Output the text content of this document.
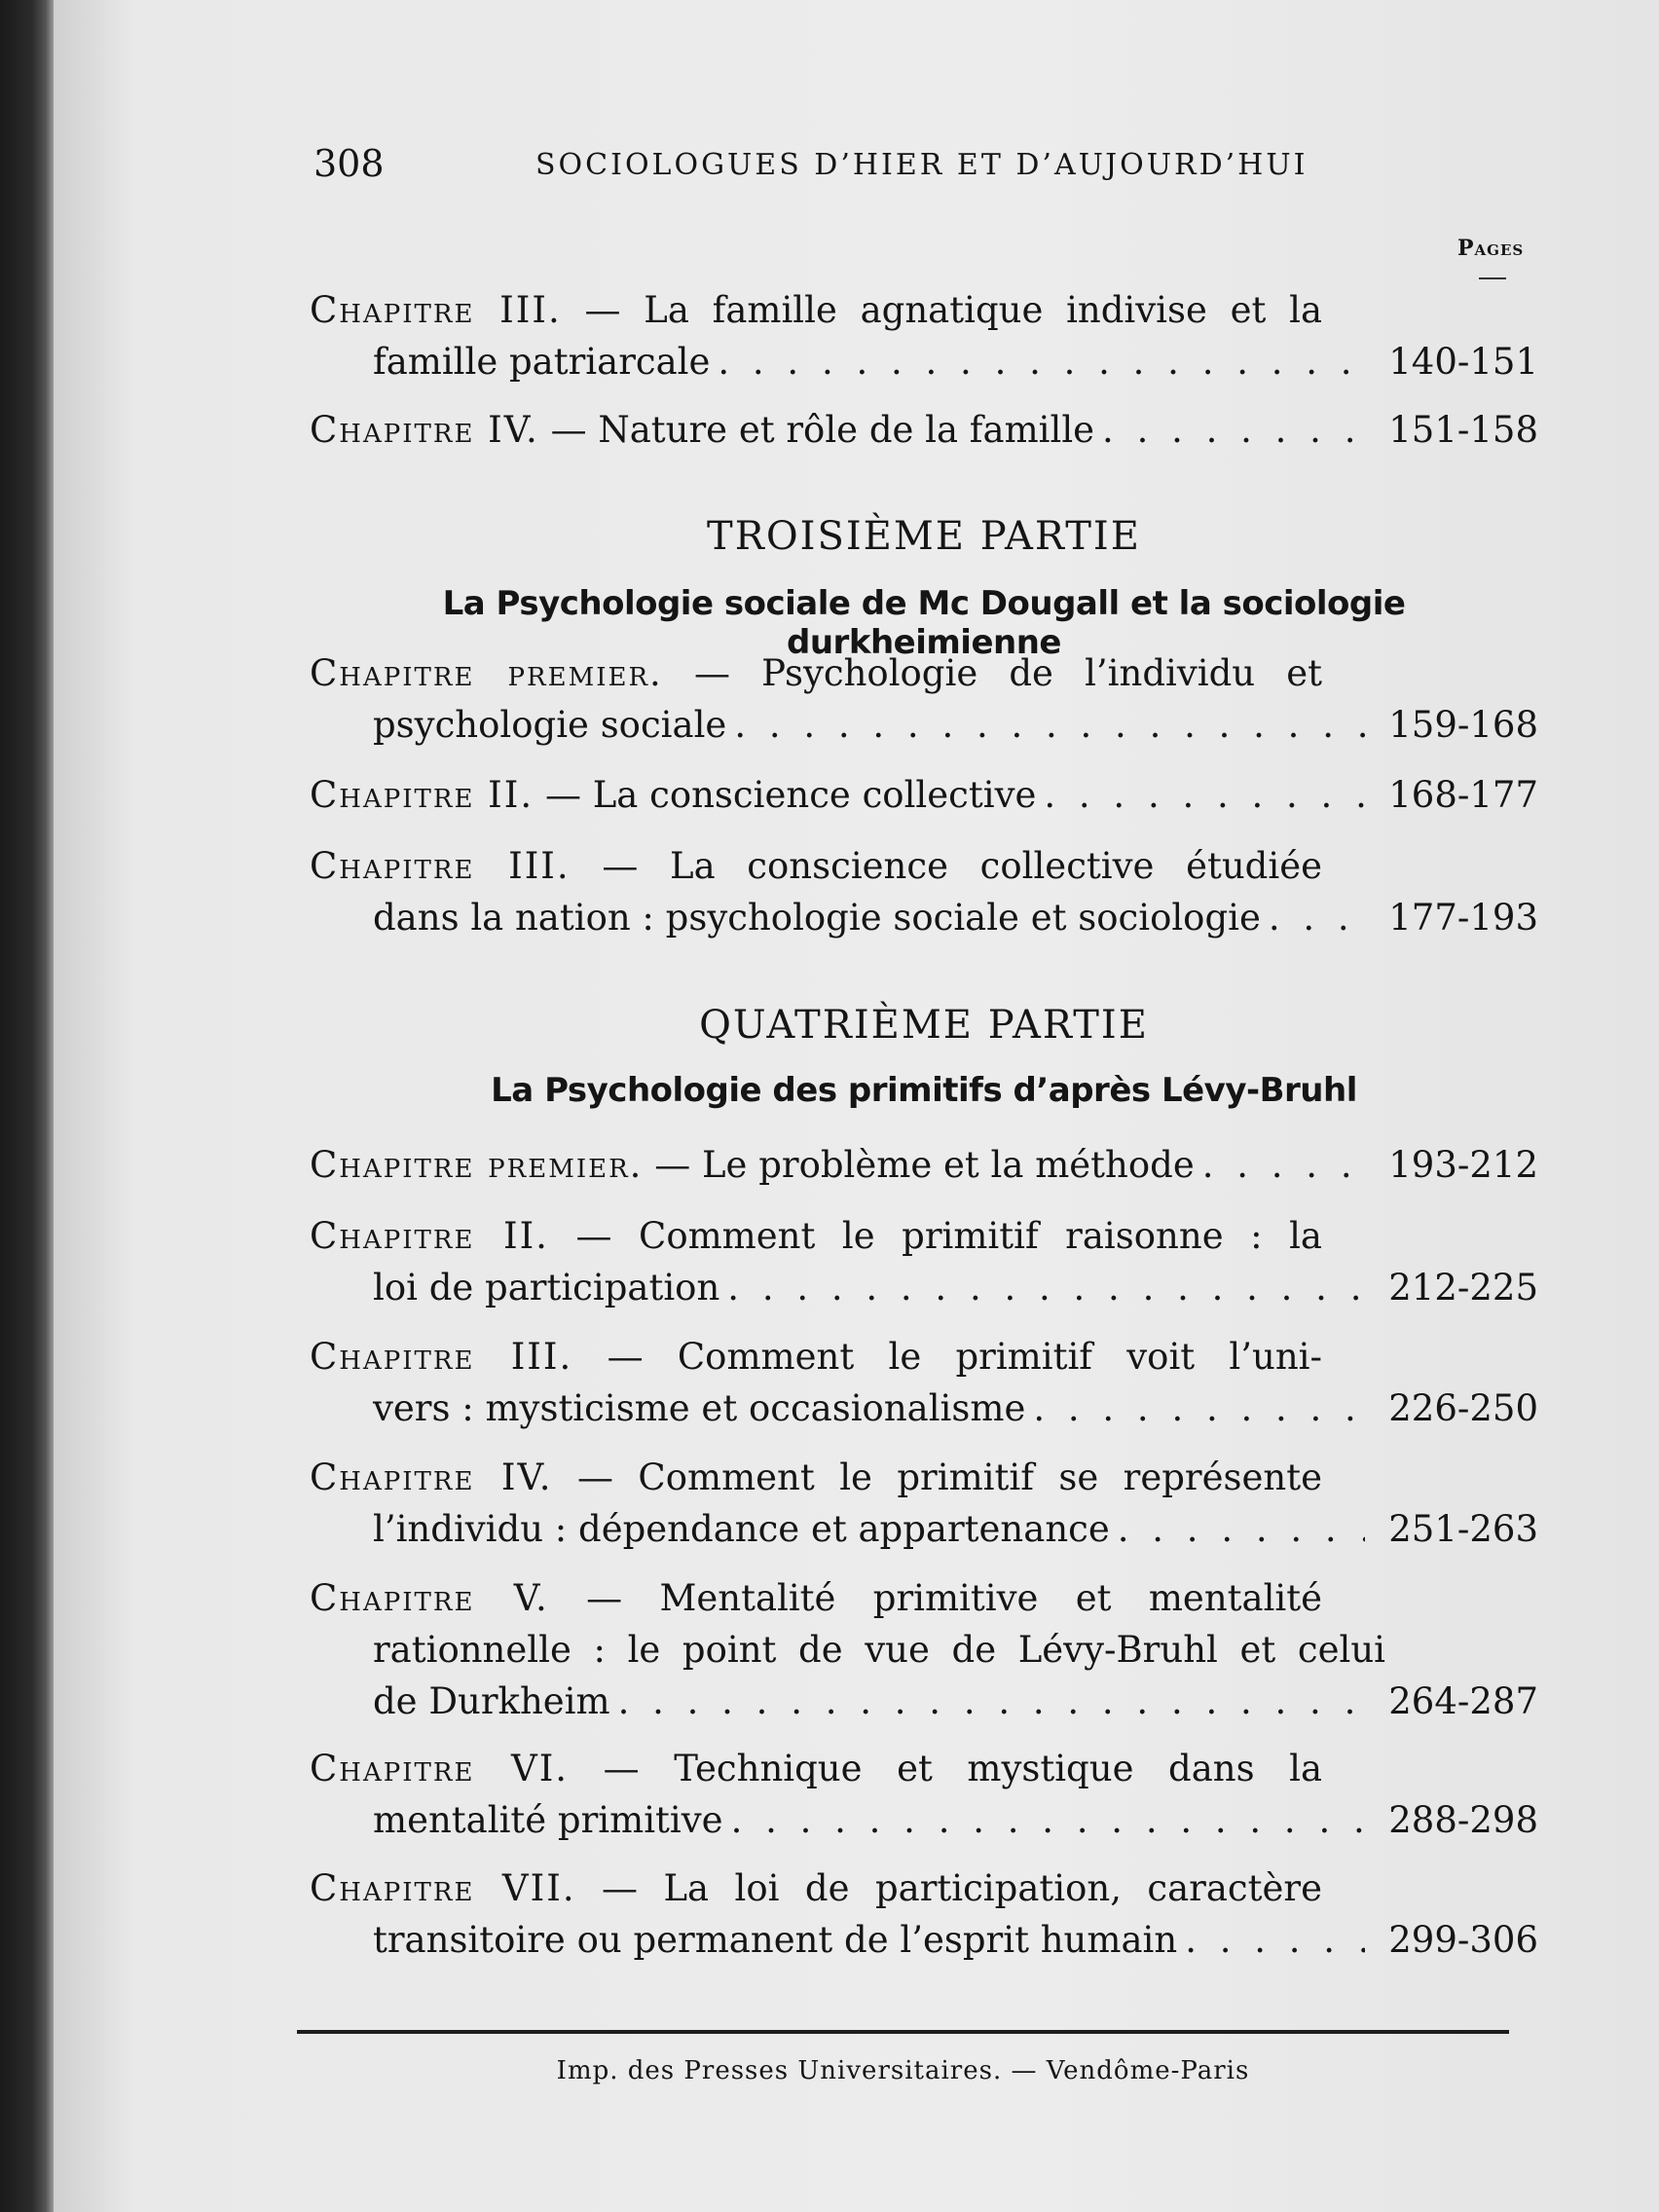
308	SOCIOLOGUES D’HIER ET D’AUJOURD’HUI
Pages
Chapitre III. — La famille agnatique indivise et la
famille patriarcale . . .	140-151
Chapitre IV.
— Nature et rôle de la famille . . .	151-158
TROISIÈME PARTIE
La Psychologie sociale de Mc Dougall et la sociologie durkheimienne
Chapitre premier. — Psychologie de l’individu et
psychologie sociale . . .	159-168
Chapitre II.
— La conscience collective . . .	168-177
Chapitre III. — La conscience collective étudiée
dans la nation : psychologie sociale et sociologie . . .	177-193
QUATRIÈME PARTIE
La Psychologie des primitifs d’après Lévy-Bruhl
Chapitre premier.
— Le problème et la méthode . . .	193-212
Chapitre II. — Comment le primitif raisonne : la
loi de participation . . .	212-225
Chapitre III. — Comment le primitif voit l’uni-
vers : mysticisme et occasionalisme . . .	226-250
Chapitre IV. — Comment le primitif se représente
l’individu : dépendance et appartenance . . .	251-263
Chapitre V. — Mentalité primitive et mentalité
rationnelle : le point de vue de Lévy-Bruhl et celui
de Durkheim . . .	264-287
Chapitre VI. — Technique et mystique dans la
mentalité primitive . . .	288-298
Chapitre VII. — La loi de participation, caractère
transitoire ou permanent de l’esprit humain . . .	299-306
Imp. des Presses Universitaires. — Vendôme-Paris
